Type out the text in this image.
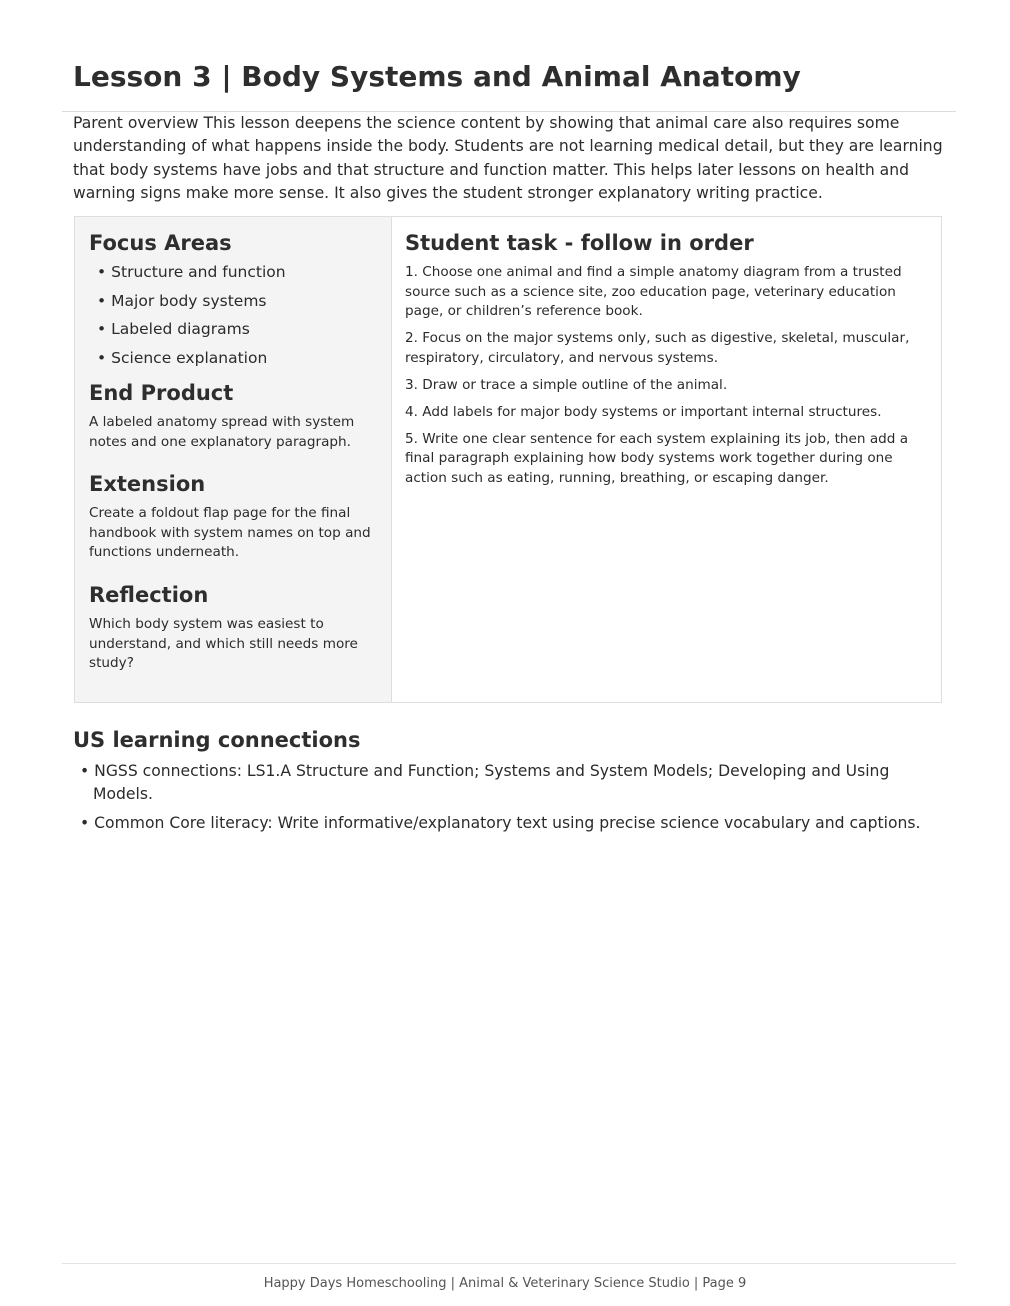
Lesson 3 | Body Systems and Animal Anatomy

Parent overview This lesson deepens the science content by showing that animal care also requires some understanding of what happens inside the body. Students are not learning medical detail, but they are learning that body systems have jobs and that structure and function matter. This helps later lessons on health and warning signs make more sense. It also gives the student stronger explanatory writing practice.

Focus Areas
• Structure and function
• Major body systems
• Labeled diagrams
• Science explanation
End Product

A labeled anatomy spread with system notes and one explanatory paragraph.

Extension

Create a foldout flap page for the final handbook with system names on top and functions underneath.

Reflection

Which body system was easiest to understand, and which still needs more study?

Student task - follow in order
1. Choose one animal and find a simple anatomy diagram from a trusted source such as a science site, zoo education page, veterinary education page, or children’s reference book.
2. Focus on the major systems only, such as digestive, skeletal, muscular, respiratory, circulatory, and nervous systems.
3. Draw or trace a simple outline of the animal.
4. Add labels for major body systems or important internal structures.
5. Write one clear sentence for each system explaining its job, then add a final paragraph explaining how body systems work together during one action such as eating, running, breathing, or escaping danger.
US learning connections
• NGSS connections: LS1.A Structure and Function; Systems and System Models; Developing and Using Models.
• Common Core literacy: Write informative/explanatory text using precise science vocabulary and captions.
Happy Days Homeschooling | Animal & Veterinary Science Studio | Page 9
